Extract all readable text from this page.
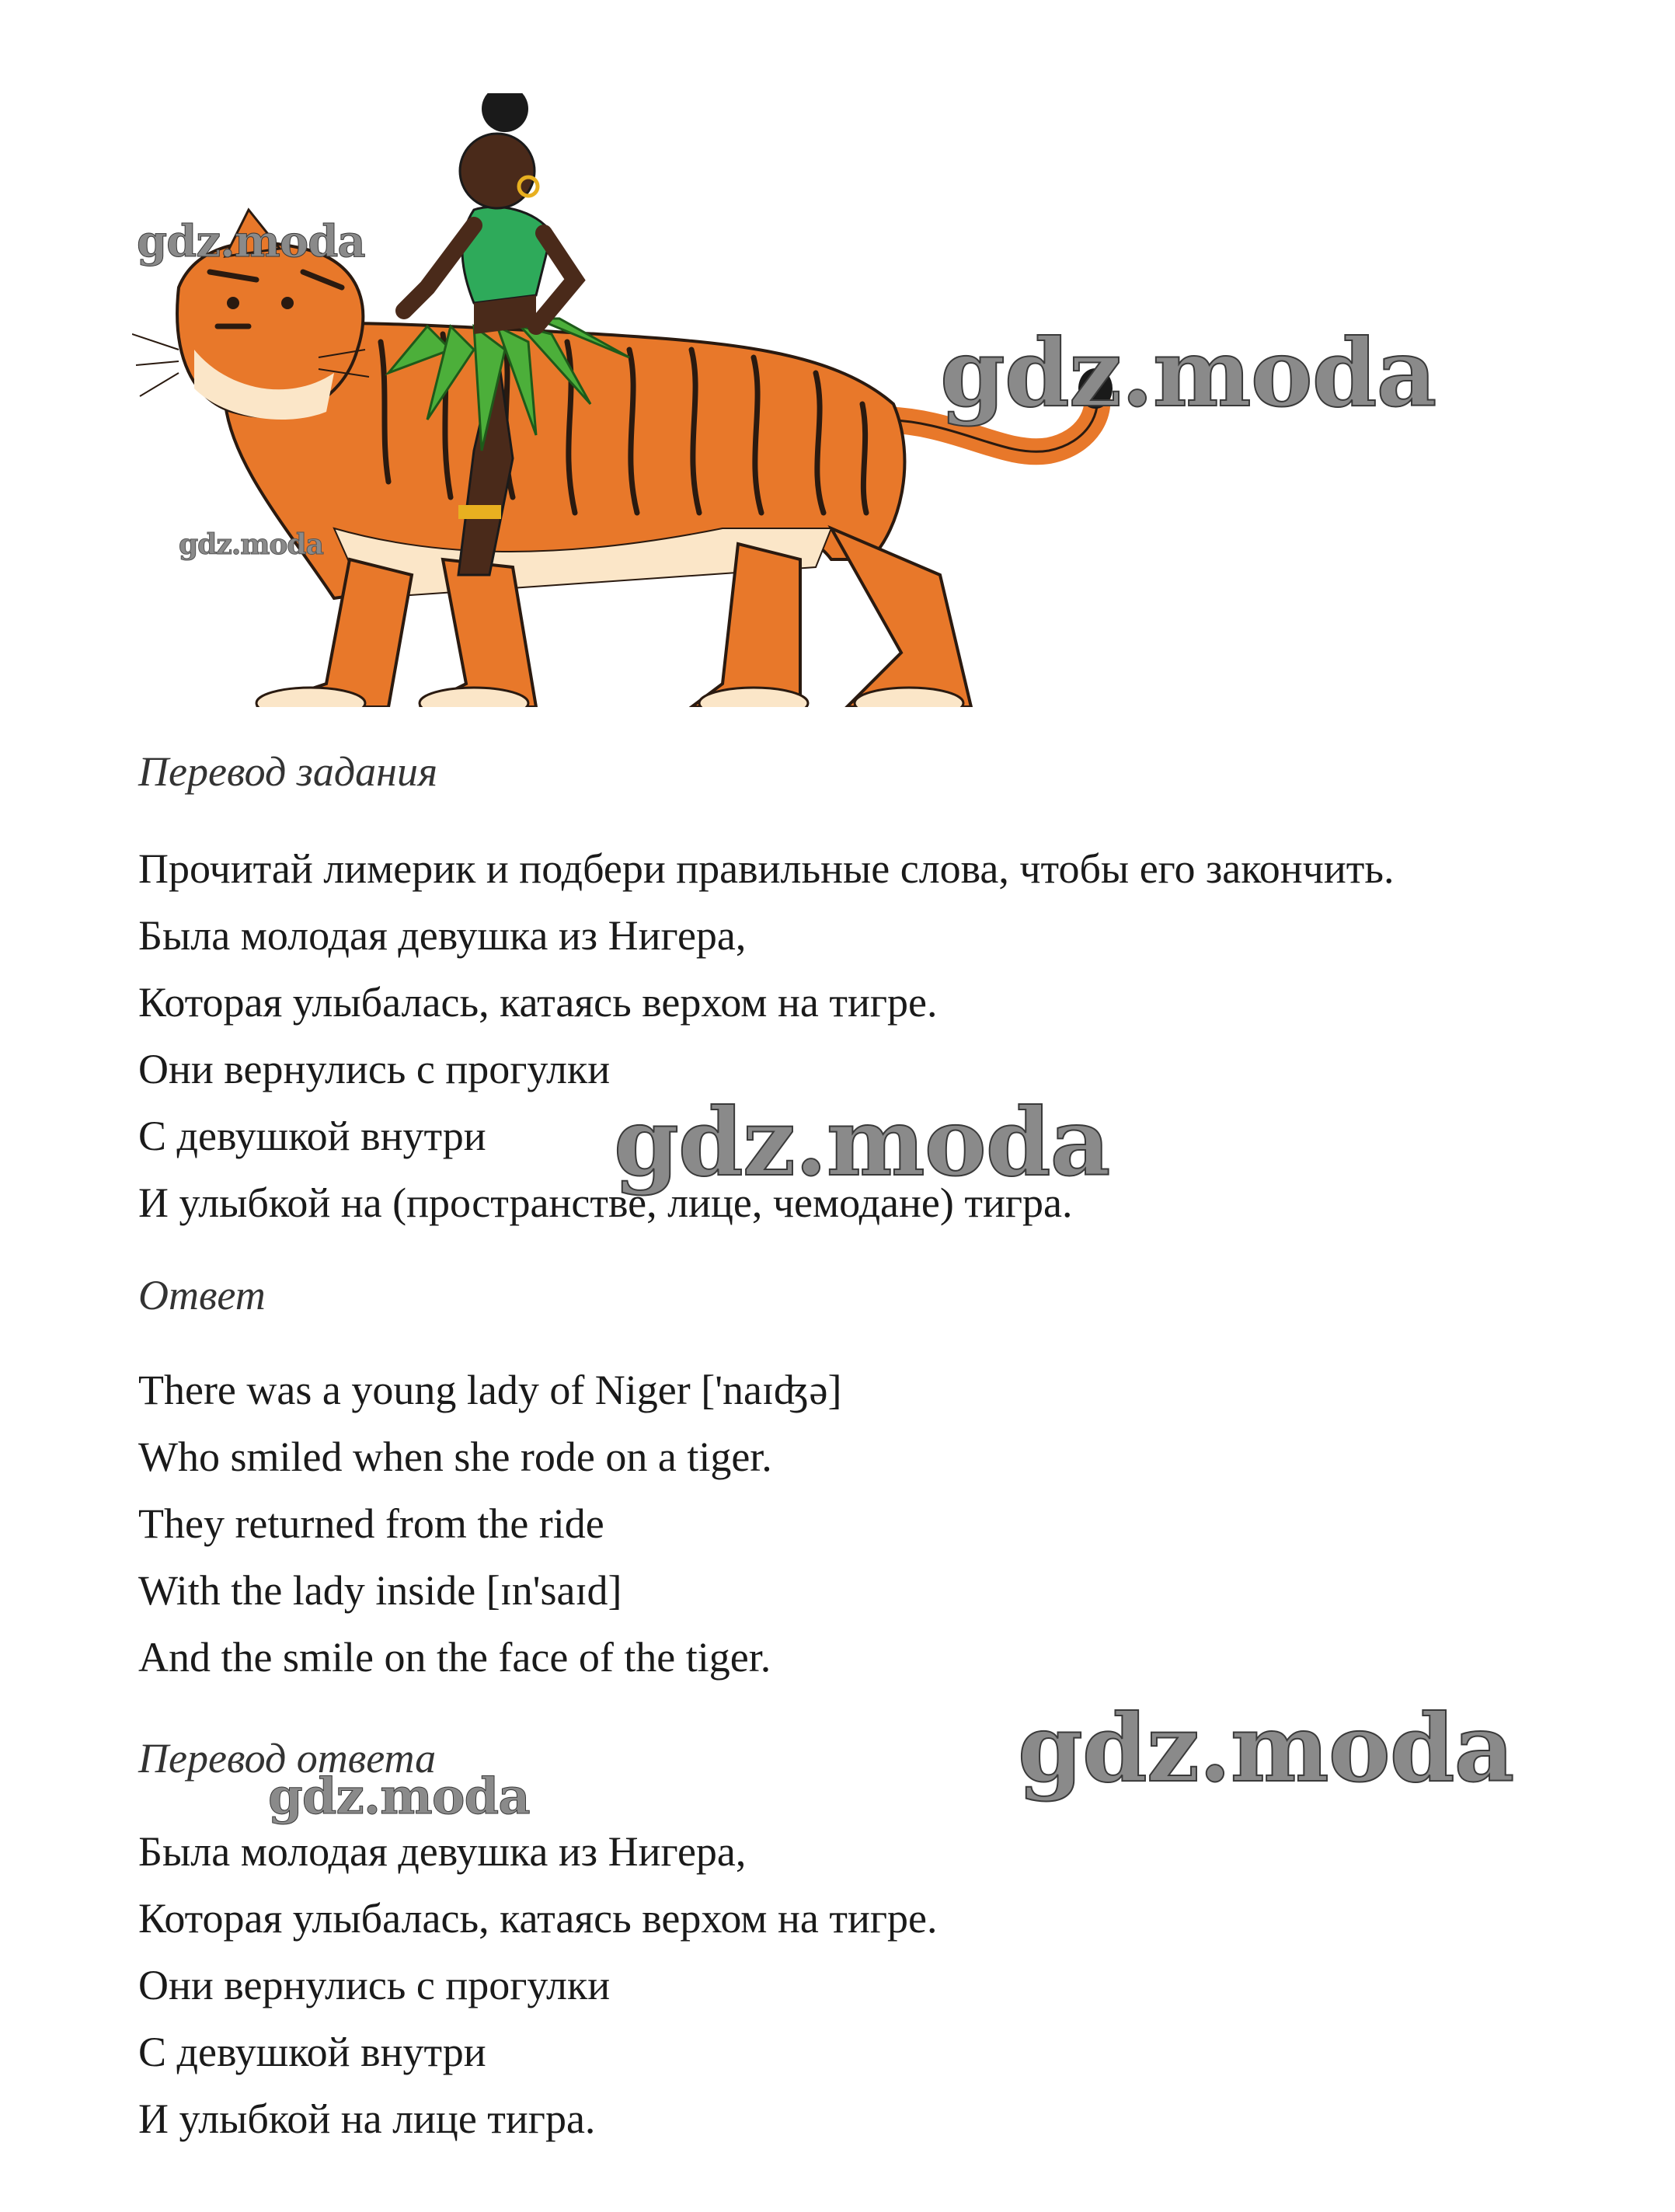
gdz.moda
gdz.moda
gdz.moda
gdz.moda
gdz.moda
gdz.moda

Перевод задания

Прочитай лимерик и подбери правильные слова, чтобы его закончить.

Была молодая девушка из Нигера,

Которая улыбалась, катаясь верхом на тигре.

Они вернулись с прогулки

С девушкой внутри

И улыбкой на (пространстве, лице, чемодане) тигра.

Ответ

There was a young lady of Niger ['naɪʤə]

Who smiled when she rode on a tiger.

They returned from the ride

With the lady inside [ɪn'saɪd]

And the smile on the face of the tiger.

Перевод ответа

Была молодая девушка из Нигера,

Которая улыбалась, катаясь верхом на тигре.

Они вернулись с прогулки

С девушкой внутри

И улыбкой на лице тигра.
